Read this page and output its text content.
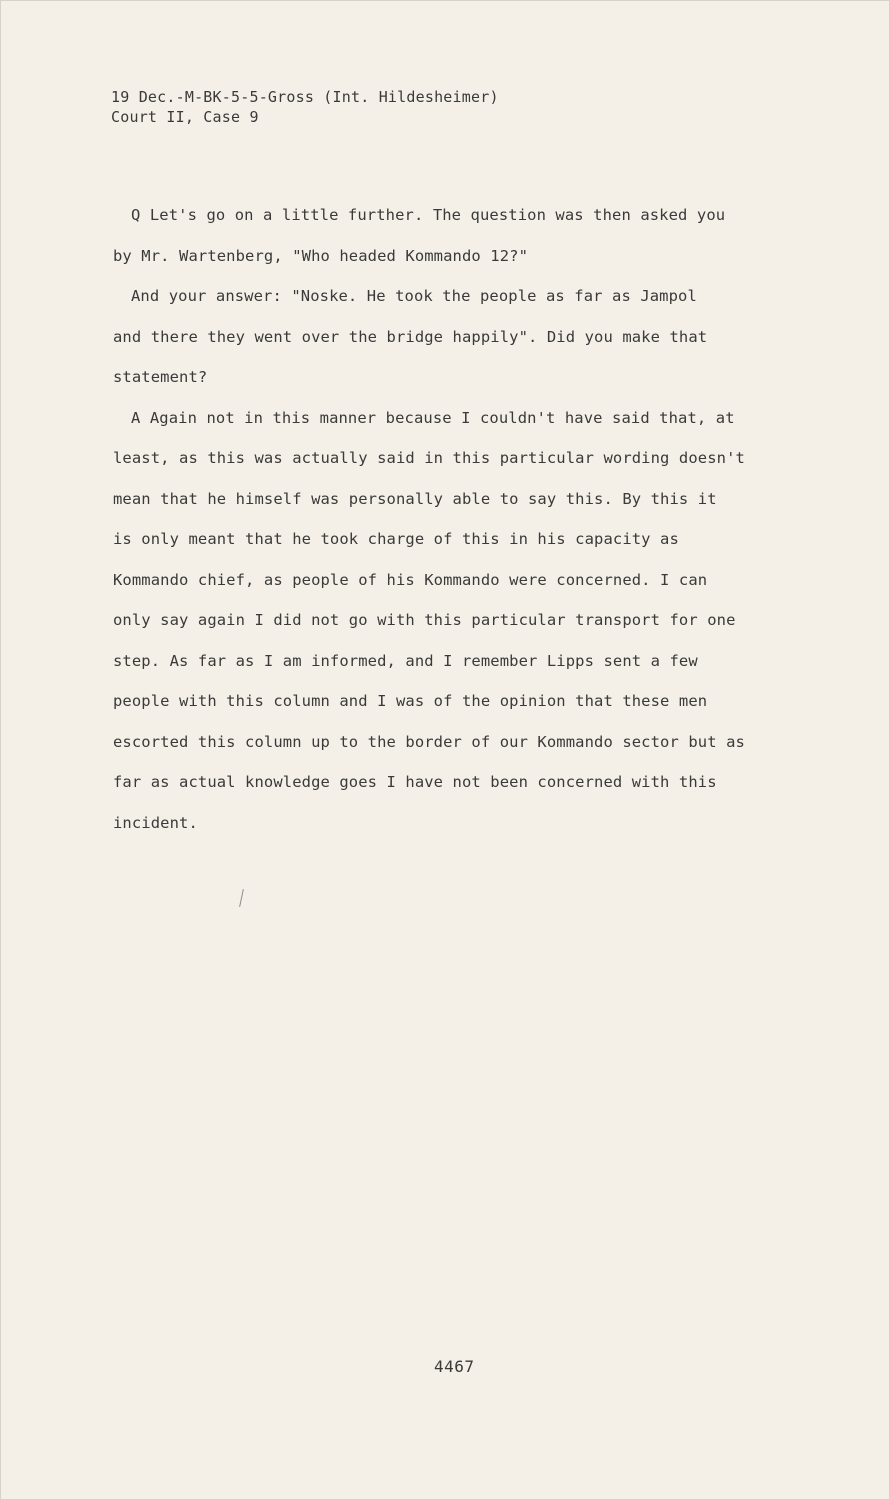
19 Dec.-M-BK-5-5-Gross (Int. Hildesheimer)
Court II, Case 9
Q Let's go on a little further. The question was then asked you
by Mr. Wartenberg, "Who headed Kommando 12?"
And your answer: "Noske. He took the people as far as Jampol
and there they went over the bridge happily". Did you make that
statement?
A Again not in this manner because I couldn't have said that, at
least, as this was actually said in this particular wording doesn't
mean that he himself was personally able to say this. By this it
is only meant that he took charge of this in his capacity as
Kommando chief, as people of his Kommando were concerned. I can
only say again I did not go with this particular transport for one
step. As far as I am informed, and I remember Lipps sent a few
people with this column and I was of the opinion that these men
escorted this column up to the border of our Kommando sector but as
far as actual knowledge goes I have not been concerned with this
incident.
4467
